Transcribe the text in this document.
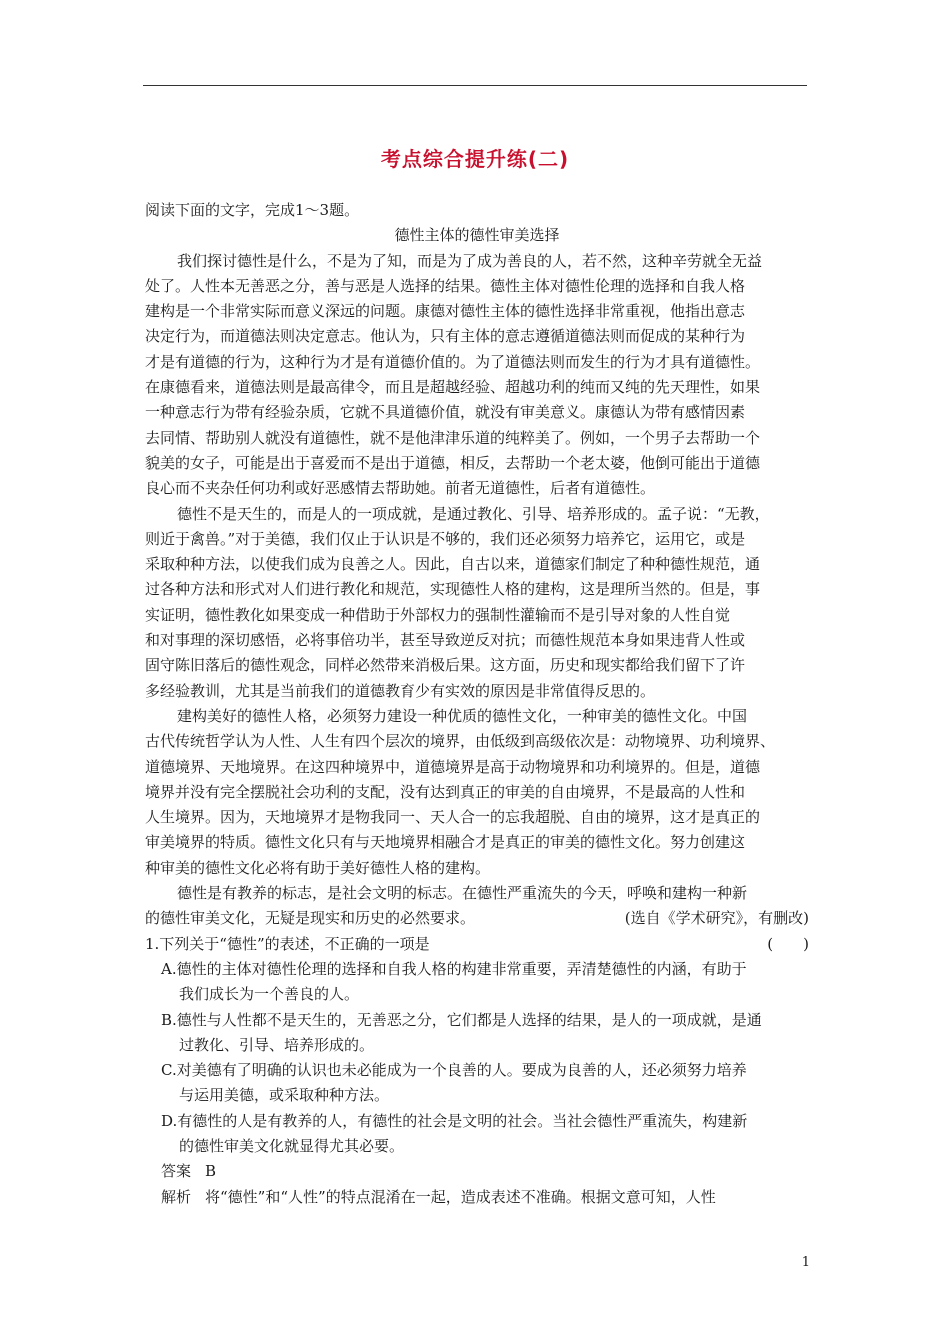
考点综合提升练(二)
阅读下面的文字，完成1～3题。
德性主体的德性审美选择
我们探讨德性是什么，不是为了知，而是为了成为善良的人，若不然，这种辛劳就全无益
处了。人性本无善恶之分，善与恶是人选择的结果。德性主体对德性伦理的选择和自我人格
建构是一个非常实际而意义深远的问题。康德对德性主体的德性选择非常重视，他指出意志
决定行为，而道德法则决定意志。他认为，只有主体的意志遵循道德法则而促成的某种行为
才是有道德的行为，这种行为才是有道德价值的。为了道德法则而发生的行为才具有道德性。
在康德看来，道德法则是最高律令，而且是超越经验、超越功利的纯而又纯的先天理性，如果
一种意志行为带有经验杂质，它就不具道德价值，就没有审美意义。康德认为带有感情因素
去同情、帮助别人就没有道德性，就不是他津津乐道的纯粹美了。例如，一个男子去帮助一个
貌美的女子，可能是出于喜爱而不是出于道德，相反，去帮助一个老太婆，他倒可能出于道德
良心而不夹杂任何功利或好恶感情去帮助她。前者无道德性，后者有道德性。
德性不是天生的，而是人的一项成就，是通过教化、引导、培养形成的。孟子说：“无教，
则近于禽兽。”对于美德，我们仅止于认识是不够的，我们还必须努力培养它，运用它，或是
采取种种方法，以使我们成为良善之人。因此，自古以来，道德家们制定了种种德性规范，通
过各种方法和形式对人们进行教化和规范，实现德性人格的建构，这是理所当然的。但是，事
实证明，德性教化如果变成一种借助于外部权力的强制性灌输而不是引导对象的人性自觉
和对事理的深切感悟，必将事倍功半，甚至导致逆反对抗；而德性规范本身如果违背人性或
固守陈旧落后的德性观念，同样必然带来消极后果。这方面，历史和现实都给我们留下了许
多经验教训，尤其是当前我们的道德教育少有实效的原因是非常值得反思的。
建构美好的德性人格，必须努力建设一种优质的德性文化，一种审美的德性文化。中国
古代传统哲学认为人性、人生有四个层次的境界，由低级到高级依次是：动物境界、功利境界、
道德境界、天地境界。在这四种境界中，道德境界是高于动物境界和功利境界的。但是，道德
境界并没有完全摆脱社会功利的支配，没有达到真正的审美的自由境界，不是最高的人性和
人生境界。因为，天地境界才是物我同一、天人合一的忘我超脱、自由的境界，这才是真正的
审美境界的特质。德性文化只有与天地境界相融合才是真正的审美的德性文化。努力创建这
种审美的德性文化必将有助于美好德性人格的建构。
德性是有教养的标志，是社会文明的标志。在德性严重流失的今天，呼唤和建构一种新
的德性审美文化，无疑是现实和历史的必然要求。	(选自《学术研究》，有删改)
1.下列关于“德性”的表述，不正确的一项是	(　　)
A.德性的主体对德性伦理的选择和自我人格的构建非常重要，弄清楚德性的内涵，有助于
我们成长为一个善良的人。
B.德性与人性都不是天生的，无善恶之分，它们都是人选择的结果，是人的一项成就，是通
过教化、引导、培养形成的。
C.对美德有了明确的认识也未必能成为一个良善的人。要成为良善的人，还必须努力培养
与运用美德，或采取种种方法。
D.有德性的人是有教养的人，有德性的社会是文明的社会。当社会德性严重流失，构建新
的德性审美文化就显得尤其必要。
答案 B
解析 将“德性”和“人性”的特点混淆在一起，造成表述不准确。根据文意可知，人性
1
